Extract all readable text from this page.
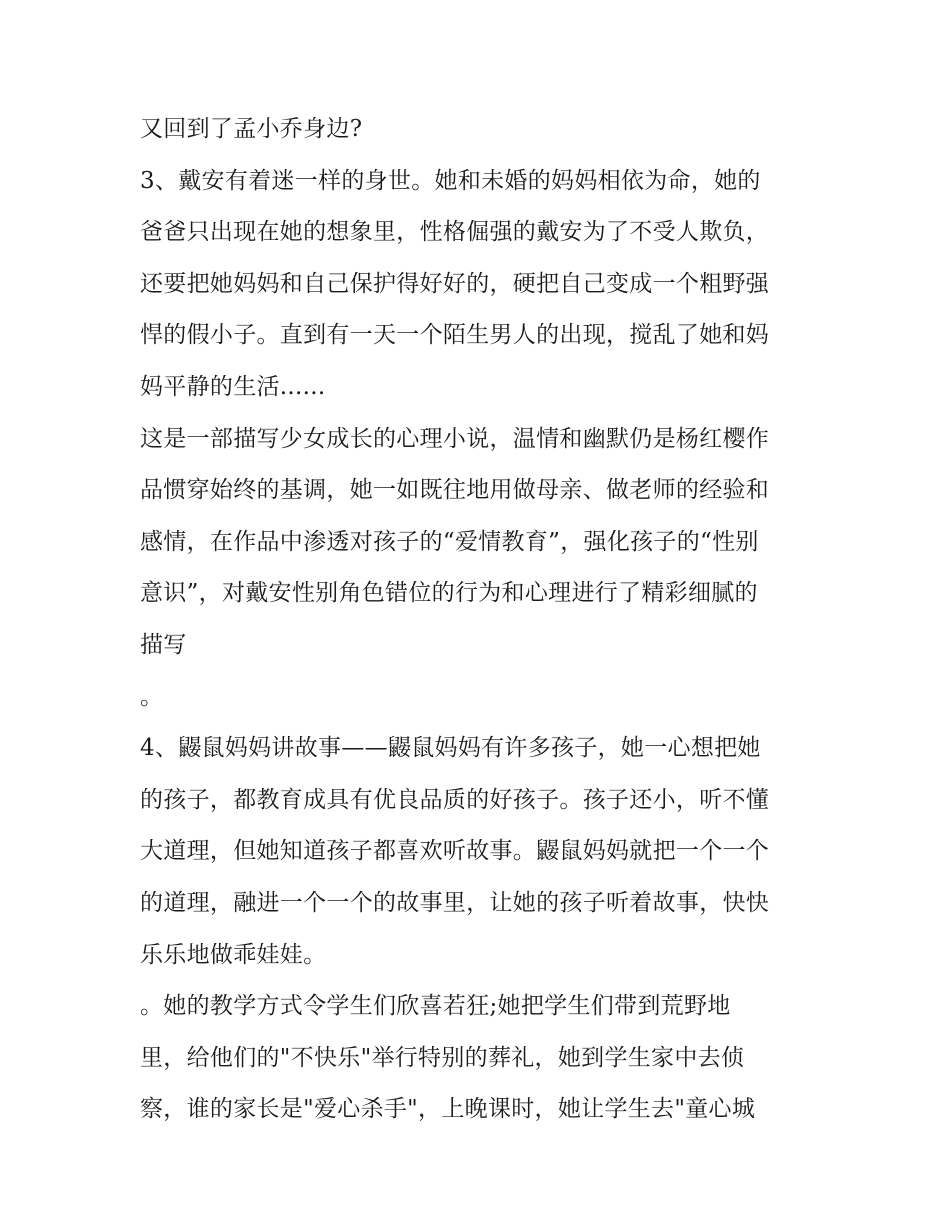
又回到了孟小乔身边?
3、戴安有着迷一样的身世。她和未婚的妈妈相依为命，她的
爸爸只出现在她的想象里，性格倔强的戴安为了不受人欺负，
还要把她妈妈和自己保护得好好的，硬把自己变成一个粗野强
悍的假小子。直到有一天一个陌生男人的出现，搅乱了她和妈
妈平静的生活......
这是一部描写少女成长的心理小说，温情和幽默仍是杨红樱作
品惯穿始终的基调，她一如既往地用做母亲、做老师的经验和
感情，在作品中渗透对孩子的“爱情教育”，强化孩子的“性别
意识”，对戴安性别角色错位的行为和心理进行了精彩细腻的
描写
。
4、鼹鼠妈妈讲故事——鼹鼠妈妈有许多孩子，她一心想把她
的孩子，都教育成具有优良品质的好孩子。孩子还小，听不懂
大道理，但她知道孩子都喜欢听故事。鼹鼠妈妈就把一个一个
的道理，融进一个一个的故事里，让她的孩子听着故事，快快
乐乐地做乖娃娃。
。她的教学方式令学生们欣喜若狂;她把学生们带到荒野地
里，给他们的"不快乐"举行特别的葬礼，她到学生家中去侦
察，谁的家长是"爱心杀手"，上晚课时，她让学生去"童心城
